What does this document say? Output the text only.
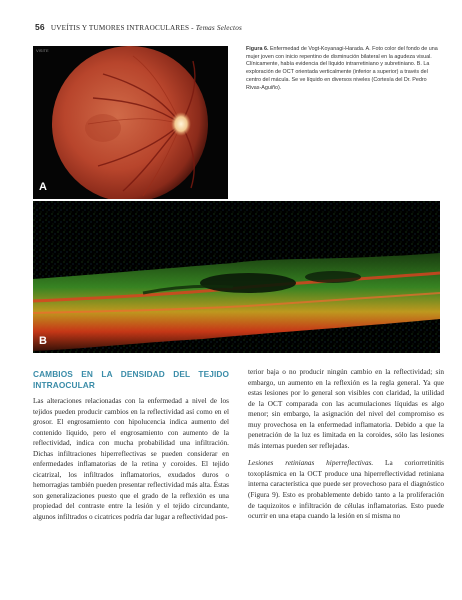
56 UVEÍTIS Y TUMORES INTRAOCULARES - Temas Selectos
VISITE
A
Figura 6. Enfermedad de Vogt-Koyanagi-Harada. A. Foto color del fondo de una mujer joven con inicio repentino de disminución bilateral en la agudeza visual. Clínicamente, había evidencia del líquido intrarretiniano y subretiniano. B. La exploración de OCT orientada verticalmente (inferior a superior) a través del centro del mácula. Se ve líquido en diversos niveles (Cortesía del Dr. Pedro Rivas-Aguiño).
B
CAMBIOS EN LA DENSIDAD DEL TEJIDO INTRAOCULAR

Las alteraciones relacionadas con la enfermedad a nivel de los tejidos pueden producir cambios en la reflectividad así como en el grosor. El engrosamiento con hipolucencia indica aumento del contenido líquido, pero el engrosamiento con aumento de la reflectividad, indica con mucha probabilidad una infiltración. Dichas infiltraciones hiperreflectivas se pueden considerar en enfermedades inflamatorias de la retina y coroides. El tejido cicatrizal, los infiltrados inflamatorios, exudados duros o hemorragias también pueden presentar reflectividad más alta. Éstas son generalizaciones puesto que el grado de la reflexión es una propiedad del contraste entre la lesión y el tejido circundante, algunos infiltrados o cicatrices podría dar lugar a reflectividad pos-

terior baja o no producir ningún cambio en la reflectividad; sin embargo, un aumento en la reflexión es la regla general. Ya que estas lesiones por lo general son visibles con claridad, la utilidad de la OCT comparada con las acumulaciones líquidas es algo menor; sin embargo, la asignación del nivel del compromiso es muy provechosa en la enfermedad inflamatoria. Debido a que la penetración de la luz es limitada en la coroides, sólo las lesiones más internas pueden ser reflejadas.

Lesiones retinianas hiperreflectivas. La coriorretinitis toxoplásmica en la OCT produce una hiperreflectividad retiniana interna característica que puede ser provechoso para el diagnóstico (Figura 9). Esto es probablemente debido tanto a la proliferación de taquizoitos e infiltración de células inflamatorias. Esto puede ocurrir en una etapa cuando la lesión en sí misma no
